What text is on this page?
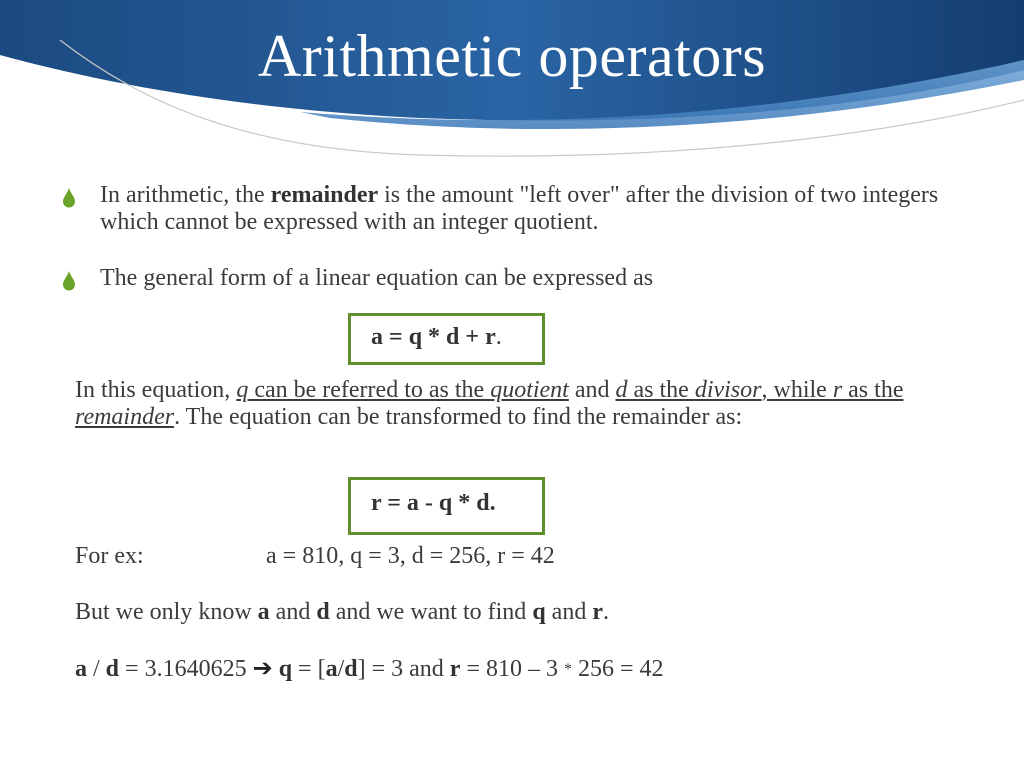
Arithmetic operators
In arithmetic, the remainder is the amount "left over" after the division of two integers which cannot be expressed with an integer quotient.
The general form of a linear equation can be expressed as
a = q * d + r.
In this equation, q can be referred to as the quotient and d as the divisor, while r as the remainder. The equation can be transformed to find the remainder as:
r = a - q * d.
For ex:	a = 810, q = 3, d = 256, r = 42
But we only know a and d and we want to find q and r.
a / d = 3.1640625 ➔ q = [a/d] = 3 and r = 810 – 3 * 256 = 42
